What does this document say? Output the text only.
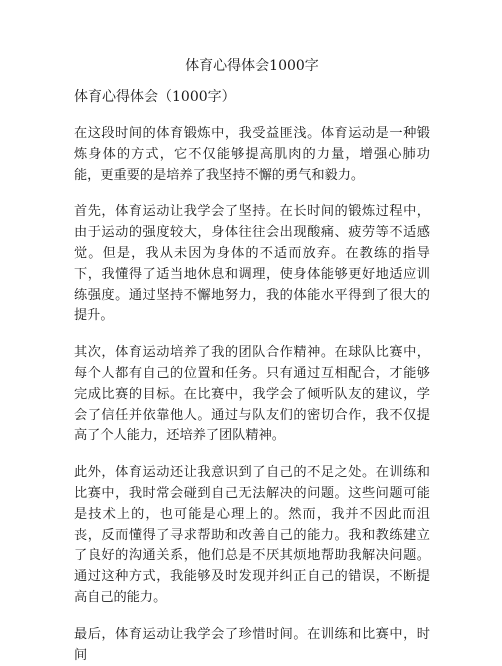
体育心得体会1000字
体育心得体会（1000字）

在这段时间的体育锻炼中，我受益匪浅。体育运动是一种锻炼身体的方式，它不仅能够提高肌肉的力量，增强心肺功能，更重要的是培养了我坚持不懈的勇气和毅力。

首先，体育运动让我学会了坚持。在长时间的锻炼过程中，由于运动的强度较大，身体往往会出现酸痛、疲劳等不适感觉。但是，我从未因为身体的不适而放弃。在教练的指导下，我懂得了适当地休息和调理，使身体能够更好地适应训练强度。通过坚持不懈地努力，我的体能水平得到了很大的提升。

其次，体育运动培养了我的团队合作精神。在球队比赛中，每个人都有自己的位置和任务。只有通过互相配合，才能够完成比赛的目标。在比赛中，我学会了倾听队友的建议，学会了信任并依靠他人。通过与队友们的密切合作，我不仅提高了个人能力，还培养了团队精神。

此外，体育运动还让我意识到了自己的不足之处。在训练和比赛中，我时常会碰到自己无法解决的问题。这些问题可能是技术上的，也可能是心理上的。然而，我并不因此而沮丧，反而懂得了寻求帮助和改善自己的能力。我和教练建立了良好的沟通关系，他们总是不厌其烦地帮助我解决问题。通过这种方式，我能够及时发现并纠正自己的错误，不断提高自己的能力。

最后，体育运动让我学会了珍惜时间。在训练和比赛中，时间
